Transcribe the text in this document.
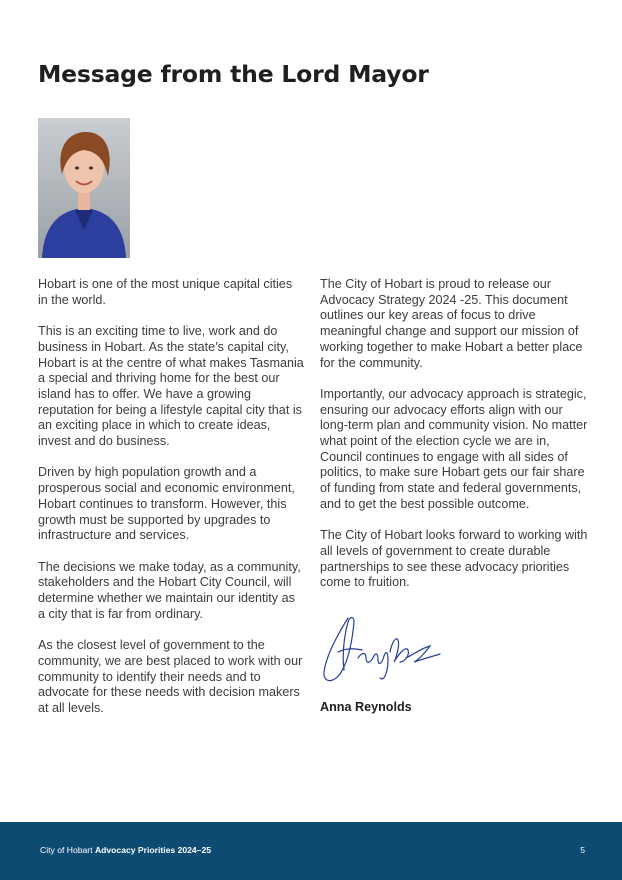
Message from the Lord Mayor

Hobart is one of the most unique capital cities in the world.

This is an exciting time to live, work and do business in Hobart. As the state’s capital city, Hobart is at the centre of what makes Tasmania a special and thriving home for the best our island has to offer. We have a growing reputation for being a lifestyle capital city that is an exciting place in which to create ideas, invest and do business.

Driven by high population growth and a prosperous social and economic environment, Hobart continues to transform. However, this growth must be supported by upgrades to infrastructure and services.

The decisions we make today, as a community, stakeholders and the Hobart City Council, will determine whether we maintain our identity as a city that is far from ordinary.

As the closest level of government to the community, we are best placed to work with our community to identify their needs and to advocate for these needs with decision makers at all levels.

The City of Hobart is proud to release our Advocacy Strategy 2024 -25. This document outlines our key areas of focus to drive meaningful change and support our mission of working together to make Hobart a better place for the community.

Importantly, our advocacy approach is strategic, ensuring our advocacy efforts align with our long-term plan and community vision. No matter what point of the election cycle we are in, Council continues to engage with all sides of politics, to make sure Hobart gets our fair share of funding from state and federal governments, and to get the best possible outcome.

The City of Hobart looks forward to working with all levels of government to create durable partnerships to see these advocacy priorities come to fruition.

Anna Reynolds
City of Hobart Advocacy Priorities 2024–25	5
